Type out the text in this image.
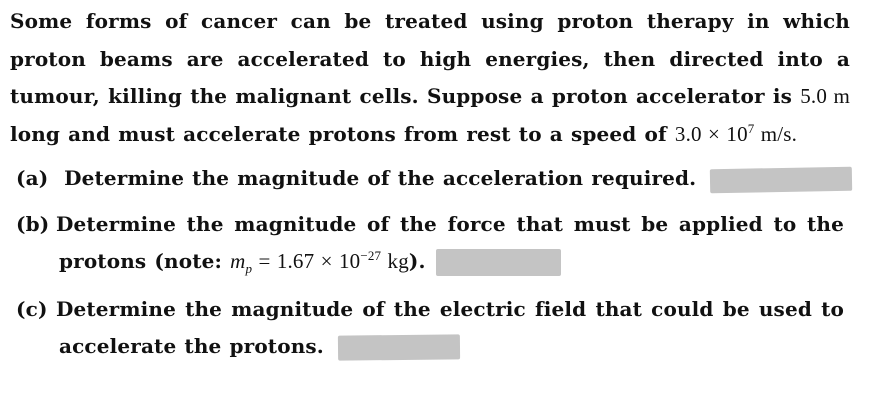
Some forms of cancer can be treated using proton therapy in which
proton beams are accelerated to high energies, then directed into a
tumour, killing the malignant cells. Suppose a proton accelerator is 5.0 m
long and must accelerate protons from rest to a speed of $3.0 \times 10^7$ m/s.
(a) Determine the magnitude of the acceleration required.
(b) Determine the magnitude of the force that must be applied to the
protons (note: $m_p = 1.67 \times 10^{-27}$ kg).
(c) Determine the magnitude of the electric field that could be used to
accelerate the protons.
